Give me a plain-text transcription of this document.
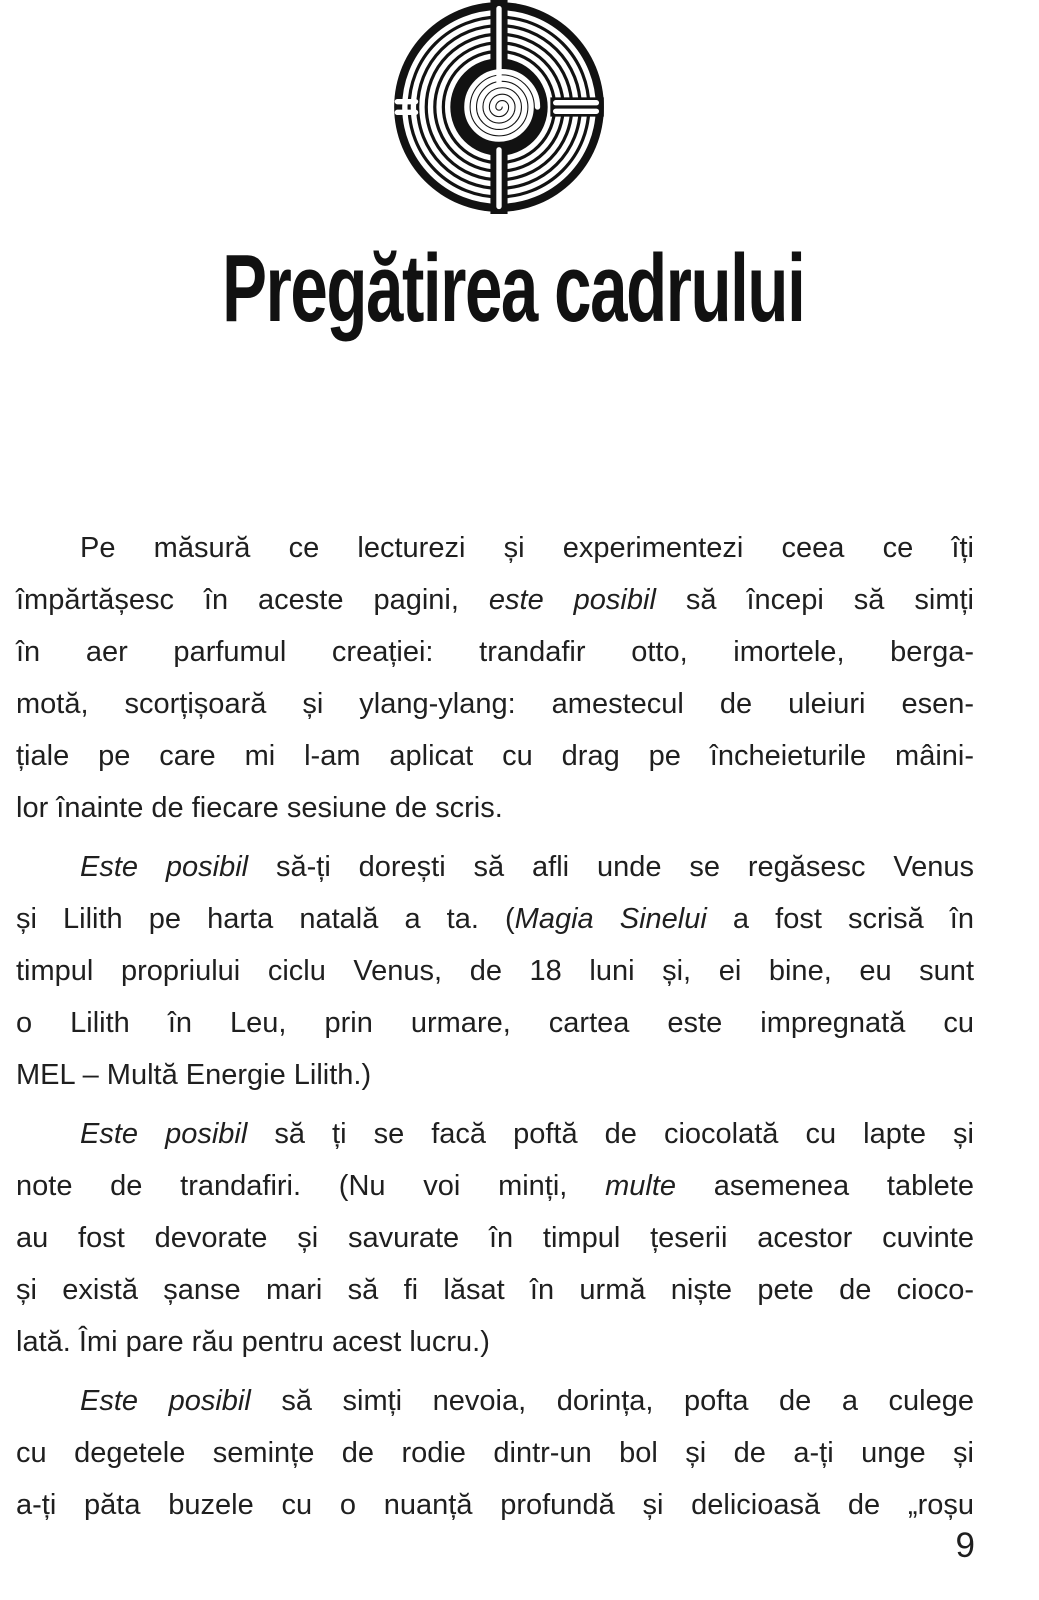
Pregătirea cadrului

Pe măsură ce lecturezi și experimentezi ceea ce îți
împărtășesc în aceste pagini, este posibil să începi să simți
în aer parfumul creației: trandafir otto, imortele, berga-
motă, scorțișoară și ylang-ylang: amestecul de uleiuri esen-
țiale pe care mi l-am aplicat cu drag pe încheieturile mâini-
lor înainte de fiecare sesiune de scris.

Este posibil să-ți dorești să afli unde se regăsesc Venus
și Lilith pe harta natală a ta. (Magia Sinelui a fost scrisă în
timpul propriului ciclu Venus, de 18 luni și, ei bine, eu sunt
o Lilith în Leu, prin urmare, cartea este impregnată cu
MEL – Multă Energie Lilith.)

Este posibil să ți se facă poftă de ciocolată cu lapte și
note de trandafiri. (Nu voi minți, multe asemenea tablete
au fost devorate și savurate în timpul țeserii acestor cuvinte
și există șanse mari să fi lăsat în urmă niște pete de cioco-
lată. Îmi pare rău pentru acest lucru.)

Este posibil să simți nevoia, dorința, pofta de a culege
cu degetele semințe de rodie dintr-un bol și de a-ți unge și
a-ți păta buzele cu o nuanță profundă și delicioasă de „roșu

9
